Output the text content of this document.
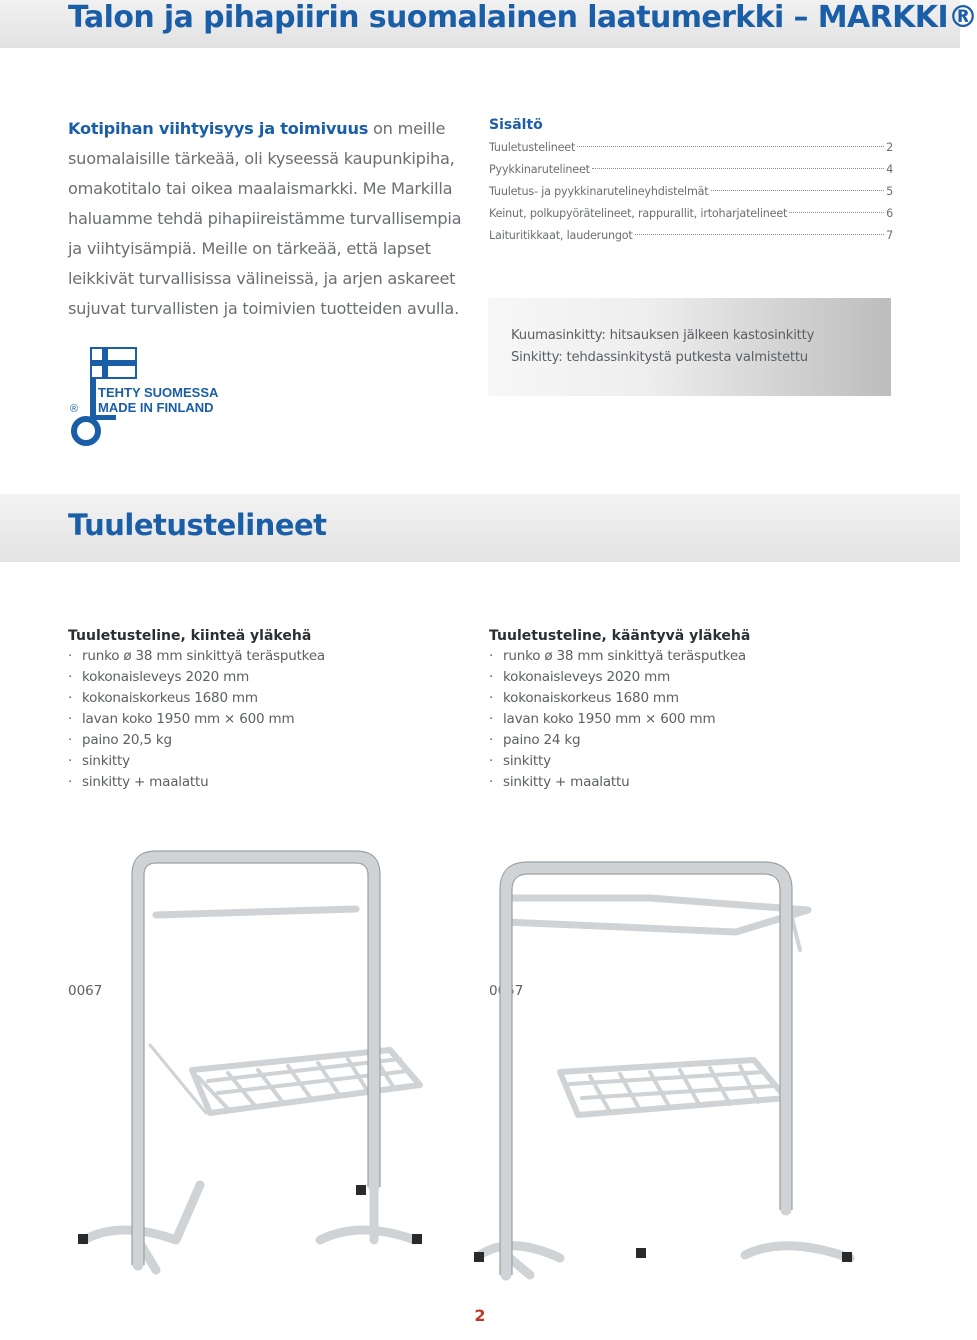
Talon ja pihapiirin suomalainen laatumerkki – MARKKI®
Kotipihan viihtyisyys ja toimivuus on meille suomalaisille tärkeää, oli kyseessä kaupunkipiha, omakotitalo tai oikea maalaismarkki. Me Markilla haluamme tehdä pihapiireistämme turvallisempia ja viihtyisämpiä. Meille on tärkeää, että lapset leikkivät turvallisissa välineissä, ja arjen askareet sujuvat turvallisten ja toimivien tuotteiden avulla.
TEHTY SUOMESSA
MADE IN FINLAND
®
Sisältö
Tuuletustelineet	2
Pyykkinarutelineet	4
Tuuletus- ja pyykkinarutelineyhdistelmät	5
Keinut, polkupyörätelineet, rappurallit, irtoharjatelineet	6
Laituritikkaat, lauderungot	7
Kuumasinkitty: hitsauksen jälkeen kastosinkitty
Sinkitty: tehdassinkitystä putkesta valmistettu
Tuuletustelineet
Tuuletusteline, kiinteä yläkehä
· runko ø 38 mm sinkittyä teräsputkea
· kokonaisleveys 2020 mm
· kokonaiskorkeus 1680 mm
· lavan koko 1950 mm × 600 mm
· paino 20,5 kg
· sinkitty
· sinkitty + maalattu
Tuuletusteline, kääntyvä yläkehä
· runko ø 38 mm sinkittyä teräsputkea
· kokonaisleveys 2020 mm
· kokonaiskorkeus 1680 mm
· lavan koko 1950 mm × 600 mm
· paino 24 kg
· sinkitty
· sinkitty + maalattu
0067	0057
2
